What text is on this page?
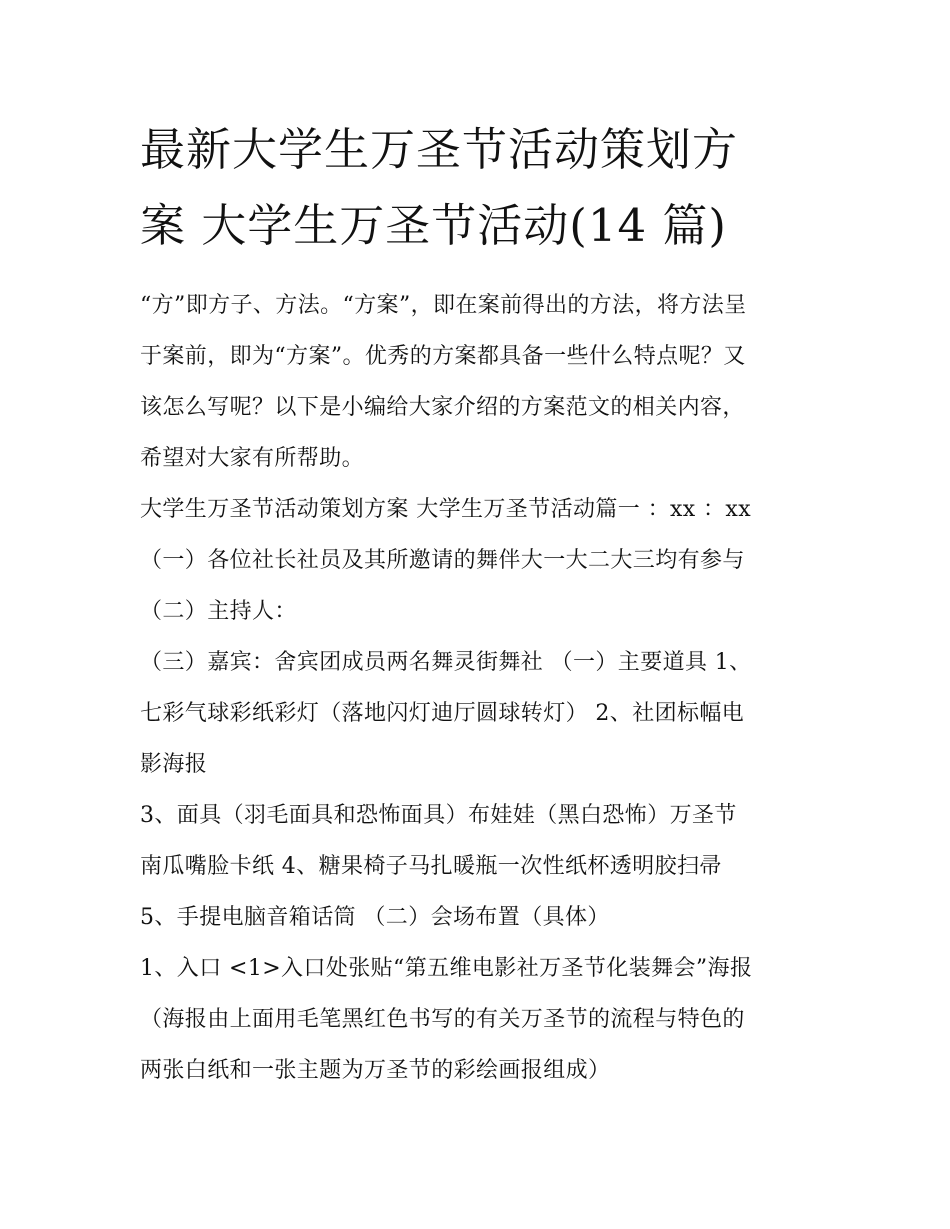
最新大学生万圣节活动策划方
案 大学生万圣节活动(14 篇)

“方”即方子、方法。“方案”，即在案前得出的方法，将方法呈

于案前，即为“方案”。优秀的方案都具备一些什么特点呢？又

该怎么写呢？以下是小编给大家介绍的方案范文的相关内容，

希望对大家有所帮助。

大学生万圣节活动策划方案 大学生万圣节活动篇一 ：xx ：xx

（一）各位社长社员及其所邀请的舞伴大一大二大三均有参与

（二）主持人：

（三）嘉宾：舍宾团成员两名舞灵街舞社 （一）主要道具 1、

七彩气球彩纸彩灯（落地闪灯迪厅圆球转灯） 2、社团标幅电

影海报

3、面具（羽毛面具和恐怖面具）布娃娃（黑白恐怖）万圣节

南瓜嘴脸卡纸 4、糖果椅子马扎暖瓶一次性纸杯透明胶扫帚

5、手提电脑音箱话筒 （二）会场布置（具体）

1、入口 <1>入口处张贴“第五维电影社万圣节化装舞会”海报

（海报由上面用毛笔黑红色书写的有关万圣节的流程与特色的

两张白纸和一张主题为万圣节的彩绘画报组成）
